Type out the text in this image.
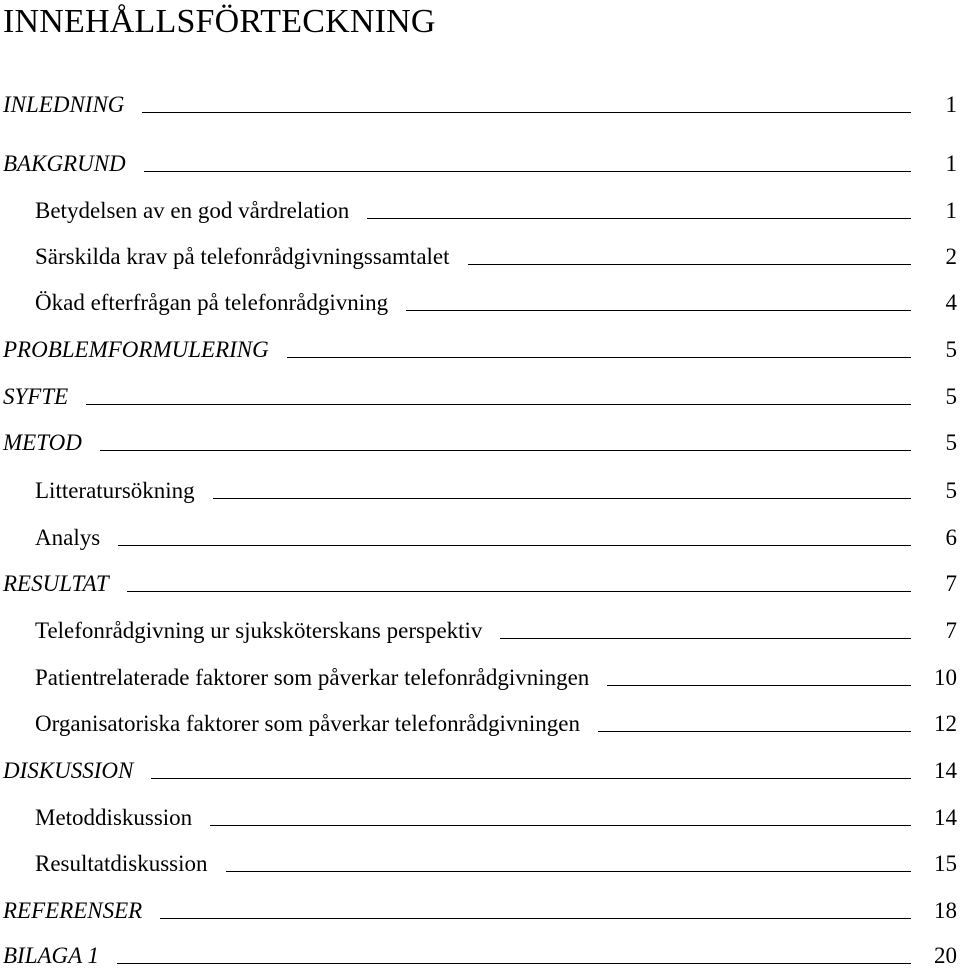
INNEHÅLLSFÖRTECKNING
INLEDNING	1
BAKGRUND	1
Betydelsen av en god vårdrelation	1
Särskilda krav på telefonrådgivningssamtalet	2
Ökad efterfrågan på telefonrådgivning	4
PROBLEMFORMULERING	5
SYFTE	5
METOD	5
Litteratursökning	5
Analys	6
RESULTAT	7
Telefonrådgivning ur sjuksköterskans perspektiv	7
Patientrelaterade faktorer som påverkar telefonrådgivningen	10
Organisatoriska faktorer som påverkar telefonrådgivningen	12
DISKUSSION	14
Metoddiskussion	14
Resultatdiskussion	15
REFERENSER	18
BILAGA 1	20
